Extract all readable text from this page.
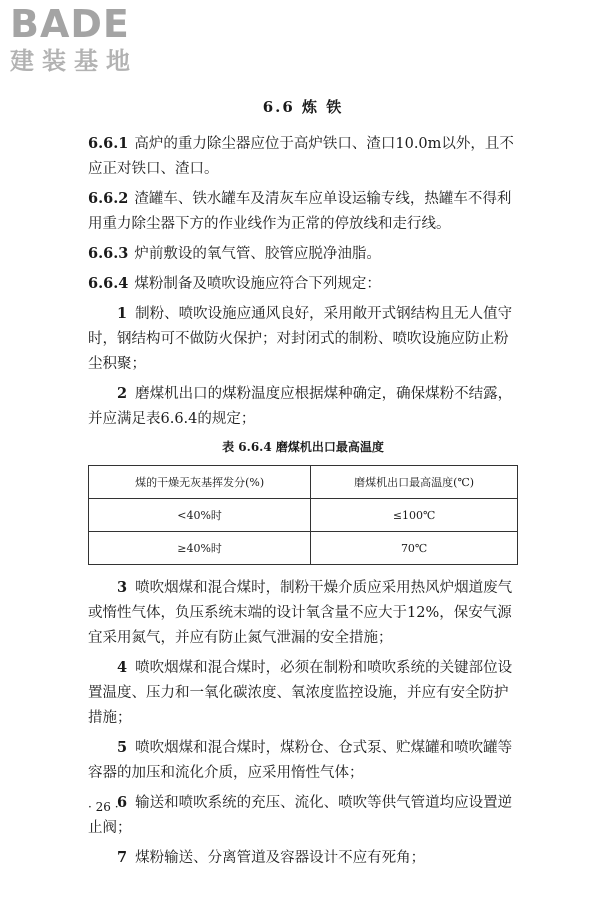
BADE
建装基地
6.6 炼 铁

6.6.1 高炉的重力除尘器应位于高炉铁口、渣口10.0m以外，且不应正对铁口、渣口。

6.6.2 渣罐车、铁水罐车及清灰车应单设运输专线，热罐车不得利用重力除尘器下方的作业线作为正常的停放线和走行线。

6.6.3 炉前敷设的氧气管、胶管应脱净油脂。

6.6.4 煤粉制备及喷吹设施应符合下列规定：

1 制粉、喷吹设施应通风良好，采用敞开式钢结构且无人值守时，钢结构可不做防火保护；对封闭式的制粉、喷吹设施应防止粉尘积聚；

2 磨煤机出口的煤粉温度应根据煤种确定，确保煤粉不结露，并应满足表6.6.4的规定；

表 6.6.4 磨煤机出口最高温度
煤的干燥无灰基挥发分(%)	磨煤机出口最高温度(℃)
<40%时	≤100℃
≥40%时	70℃

3 喷吹烟煤和混合煤时，制粉干燥介质应采用热风炉烟道废气或惰性气体，负压系统末端的设计氧含量不应大于12%，保安气源宜采用氮气，并应有防止氮气泄漏的安全措施；

4 喷吹烟煤和混合煤时，必须在制粉和喷吹系统的关键部位设置温度、压力和一氧化碳浓度、氧浓度监控设施，并应有安全防护措施；

5 喷吹烟煤和混合煤时，煤粉仓、仓式泵、贮煤罐和喷吹罐等容器的加压和流化介质，应采用惰性气体；

6 输送和喷吹系统的充压、流化、喷吹等供气管道均应设置逆止阀；

7 煤粉输送、分离管道及容器设计不应有死角；

· 26 ·
